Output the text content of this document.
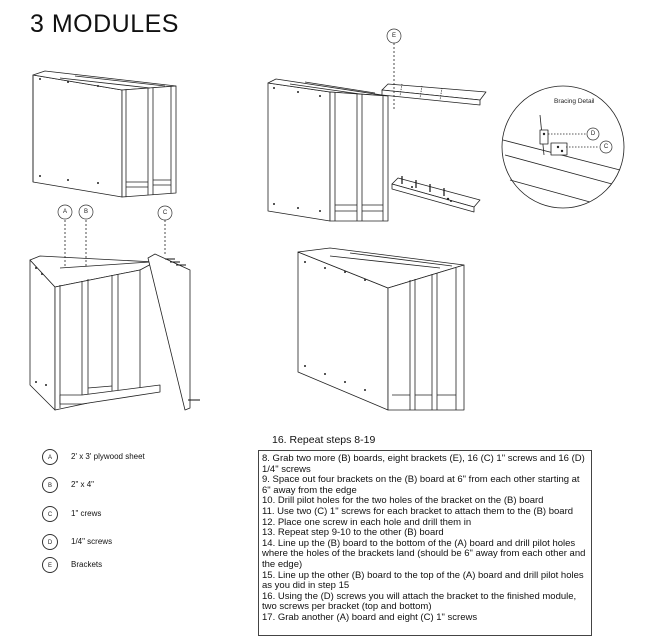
3 MODULES	E
A	B	C
D
C
Bracing Detail
A	2' x 3' plywood sheet
B	2" x 4"
C	1" crews
D	1/4" screws
E	Brackets
16. Repeat steps 8-19
8. Grab two more (B) boards, eight brackets (E), 16 (C) 1" screws and 16 (D) 1/4" screws
9. Space out four brackets on the (B) board at 6" from each other starting at 6" away from the edge
10. Drill pilot holes for the two holes of the bracket on the (B) board
11. Use two (C) 1" screws for each bracket to attach them to the (B) board
12. Place one screw in each hole and drill them in
13. Repeat step 9-10 to the other (B) board
14. Line up the (B) board to the bottom of the (A) board and drill pilot holes where the holes of the brackets land (should be 6" away from each other and the edge)
15. Line up the other (B) board to the top of the (A) board and drill pilot holes as you did in step 15
16. Using the (D) screws you will attach the bracket to the finished module, two screws per bracket (top and bottom)
17. Grab another (A) board and eight (C) 1" screws
